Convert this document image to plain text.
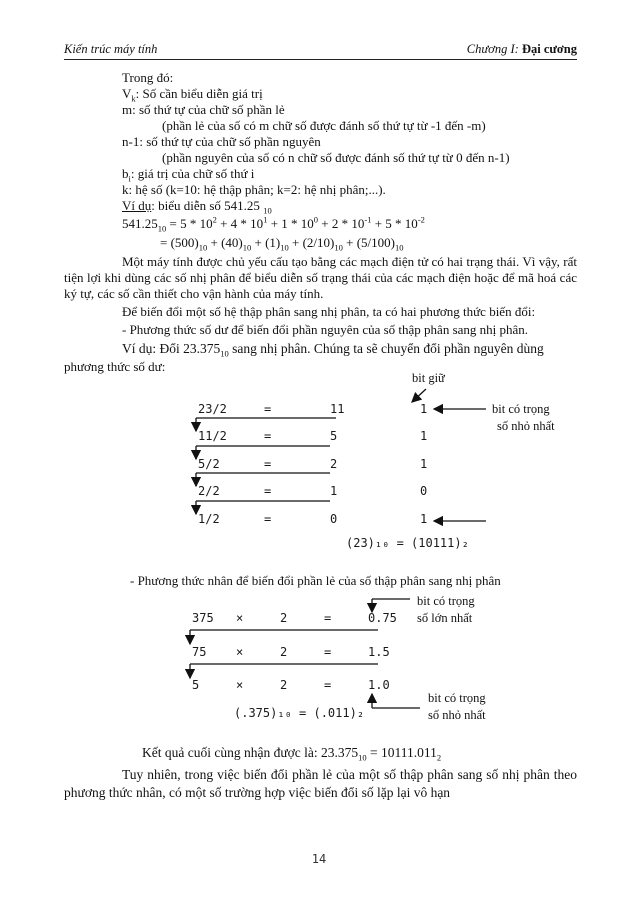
Kiến trúc máy tính	Chương I: Đại cương
Trong đó:
$V_k$: Số cần biểu diễn giá trị
m: số thứ tự của chữ số phần lẻ
(phần lẻ của số có m chữ số được đánh số thứ tự từ -1 đến -m)
n-1: số thứ tự của chữ số phần nguyên
(phần nguyên của số có n chữ số được đánh số thứ tự từ 0 đến n-1)
$b_i$: giá trị của chữ số thứ i
k: hệ số (k=10: hệ thập phân; k=2: hệ nhị phân;...).
Ví dụ: biểu diễn số 541.25 $_{10}$
$541.25_{10} = 5 * 10^2 + 4 * 10^1 + 1 * 10^0 + 2 * 10^{-1} + 5 * 10^{-2}$
= $(500)_{10} + (40)_{10} + (1)_{10} + (2/10)_{10} + (5/100)_{10}$
Một máy tính được chủ yếu cấu tạo bằng các mạch điện tử có hai trạng thái. Vì vậy, rất tiện lợi khi dùng các số nhị phân để biểu diễn số trạng thái của các mạch điện hoặc để mã hoá các ký tự, các số cần thiết cho vận hành của máy tính.
Để biến đổi một số hệ thập phân sang nhị phân, ta có hai phương thức biến đổi:
- Phương thức số dư để biến đổi phần nguyên của số thập phân sang nhị phân.
Ví dụ: Đổi $23.375_{10}$ sang nhị phân. Chúng ta sẽ chuyển đổi phần nguyên dùng
phương thức số dư:
bit giữ
bit có trọng
số nhỏ nhất
23/2	=	11	1
11/2	=	5	1
5/2	=	2	1
2/2	=	1	0
1/2	=	0	1
(23)₁₀ = (10111)₂
- Phương thức nhân để biến đổi phần lẻ của số thập phân sang nhị phân
bit có trọng
số lớn nhất
375 ×	2	=	0.75
75 ×	2	=	1.5
5	×	2	=	1.0
bit có trọng
số nhỏ nhất
(.375)₁₀ = (.011)₂
Kết quả cuối cùng nhận được là: $23.375_{10} = 10111.011_2$
Tuy nhiên, trong việc biến đổi phần lẻ của một số thập phân sang số nhị phân theo phương thức nhân, có một số trường hợp việc biến đổi số lặp lại vô hạn
14
